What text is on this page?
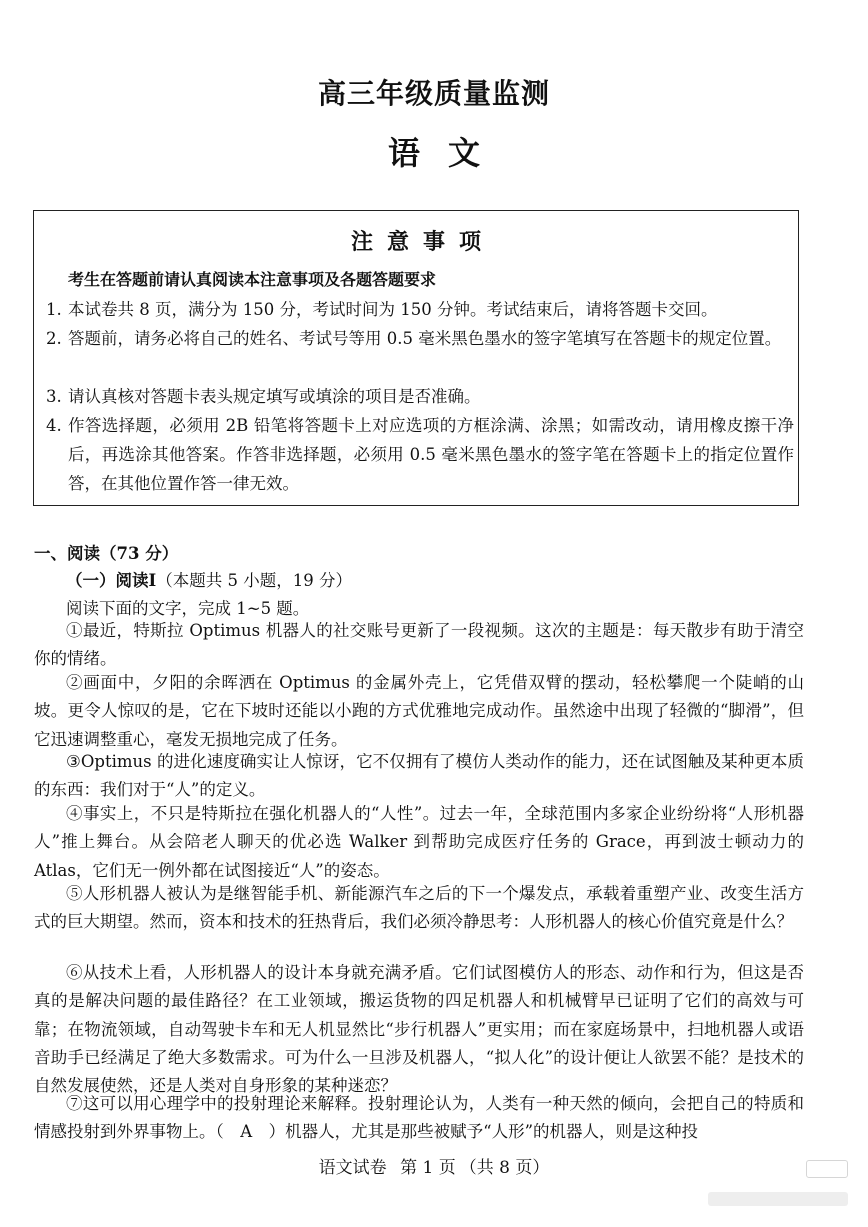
高三年级质量监测
语文
注意事项
考生在答题前请认真阅读本注意事项及各题答题要求
1. 本试卷共 8 页，满分为 150 分，考试时间为 150 分钟。考试结束后，请将答题卡交回。
2. 答题前，请务必将自己的姓名、考试号等用 0.5 毫米黑色墨水的签字笔填写在答题卡的规定位置。
3. 请认真核对答题卡表头规定填写或填涂的项目是否准确。
4. 作答选择题，必须用 2B 铅笔将答题卡上对应选项的方框涂满、涂黑；如需改动，请用橡皮擦干净后，再选涂其他答案。作答非选择题，必须用 0.5 毫米黑色墨水的签字笔在答题卡上的指定位置作答，在其他位置作答一律无效。
一、阅读（73 分）
（一）阅读Ⅰ（本题共 5 小题，19 分）
阅读下面的文字，完成 1~5 题。

①最近，特斯拉 Optimus 机器人的社交账号更新了一段视频。这次的主题是：每天散步有助于清空你的情绪。

②画面中，夕阳的余晖洒在 Optimus 的金属外壳上，它凭借双臂的摆动，轻松攀爬一个陡峭的山坡。更令人惊叹的是，它在下坡时还能以小跑的方式优雅地完成动作。虽然途中出现了轻微的“脚滑”，但它迅速调整重心，毫发无损地完成了任务。

③Optimus 的进化速度确实让人惊讶，它不仅拥有了模仿人类动作的能力，还在试图触及某种更本质的东西：我们对于“人”的定义。

④事实上，不只是特斯拉在强化机器人的“人性”。过去一年，全球范围内多家企业纷纷将“人形机器人”推上舞台。从会陪老人聊天的优必选 Walker 到帮助完成医疗任务的 Grace，再到波士顿动力的 Atlas，它们无一例外都在试图接近“人”的姿态。

⑤人形机器人被认为是继智能手机、新能源汽车之后的下一个爆发点，承载着重塑产业、改变生活方式的巨大期望。然而，资本和技术的狂热背后，我们必须冷静思考：人形机器人的核心价值究竟是什么？

⑥从技术上看，人形机器人的设计本身就充满矛盾。它们试图模仿人的形态、动作和行为，但这是否真的是解决问题的最佳路径？在工业领域，搬运货物的四足机器人和机械臂早已证明了它们的高效与可靠；在物流领域，自动驾驶卡车和无人机显然比“步行机器人”更实用；而在家庭场景中，扫地机器人或语音助手已经满足了绝大多数需求。可为什么一旦涉及机器人，“拟人化”的设计便让人欲罢不能？是技术的自然发展使然，还是人类对自身形象的某种迷恋？

⑦这可以用心理学中的投射理论来解释。投射理论认为，人类有一种天然的倾向，会把自己的特质和情感投射到外界事物上。（　A　）机器人，尤其是那些被赋予“人形”的机器人，则是这种投

语文试卷 第 1 页 （共 8 页）
